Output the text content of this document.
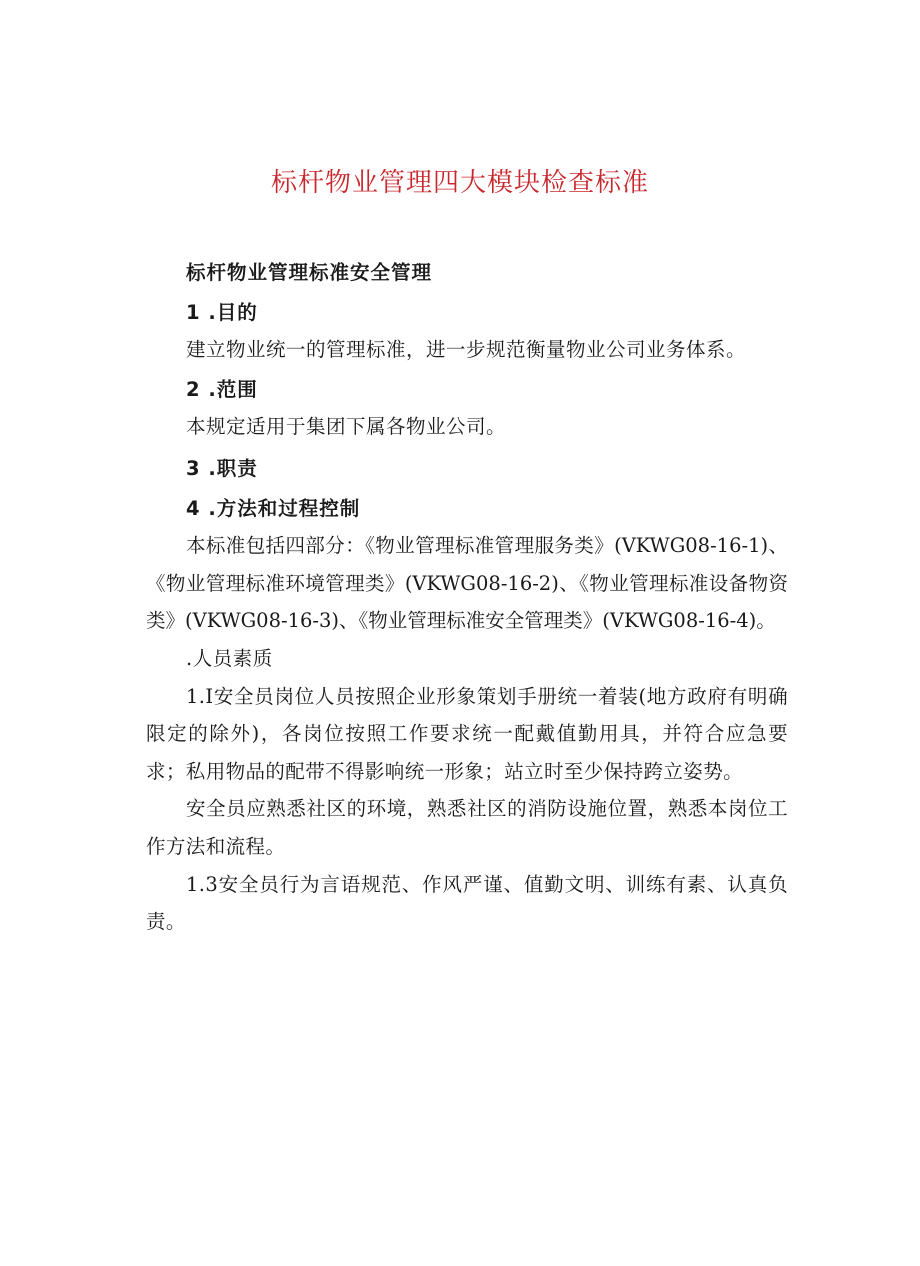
标杆物业管理四大模块检查标准

标杆物业管理标准安全管理

1 .目的

建立物业统一的管理标准，进一步规范衡量物业公司业务体系。

2 .范围

本规定适用于集团下属各物业公司。

3 .职责

4 .方法和过程控制

本标准包括四部分：《物业管理标准管理服务类》(VKWG08-16-1)、《物业管理标准环境管理类》(VKWG08-16-2)、《物业管理标准设备物资类》(VKWG08-16-3)、《物业管理标准安全管理类》(VKWG08-16-4)。

.人员素质

1.I安全员岗位人员按照企业形象策划手册统一着装(地方政府有明确限定的除外)，各岗位按照工作要求统一配戴值勤用具，并符合应急要求；私用物品的配带不得影响统一形象；站立时至少保持跨立姿势。

安全员应熟悉社区的环境，熟悉社区的消防设施位置，熟悉本岗位工作方法和流程。

1.3安全员行为言语规范、作风严谨、值勤文明、训练有素、认真负责。
